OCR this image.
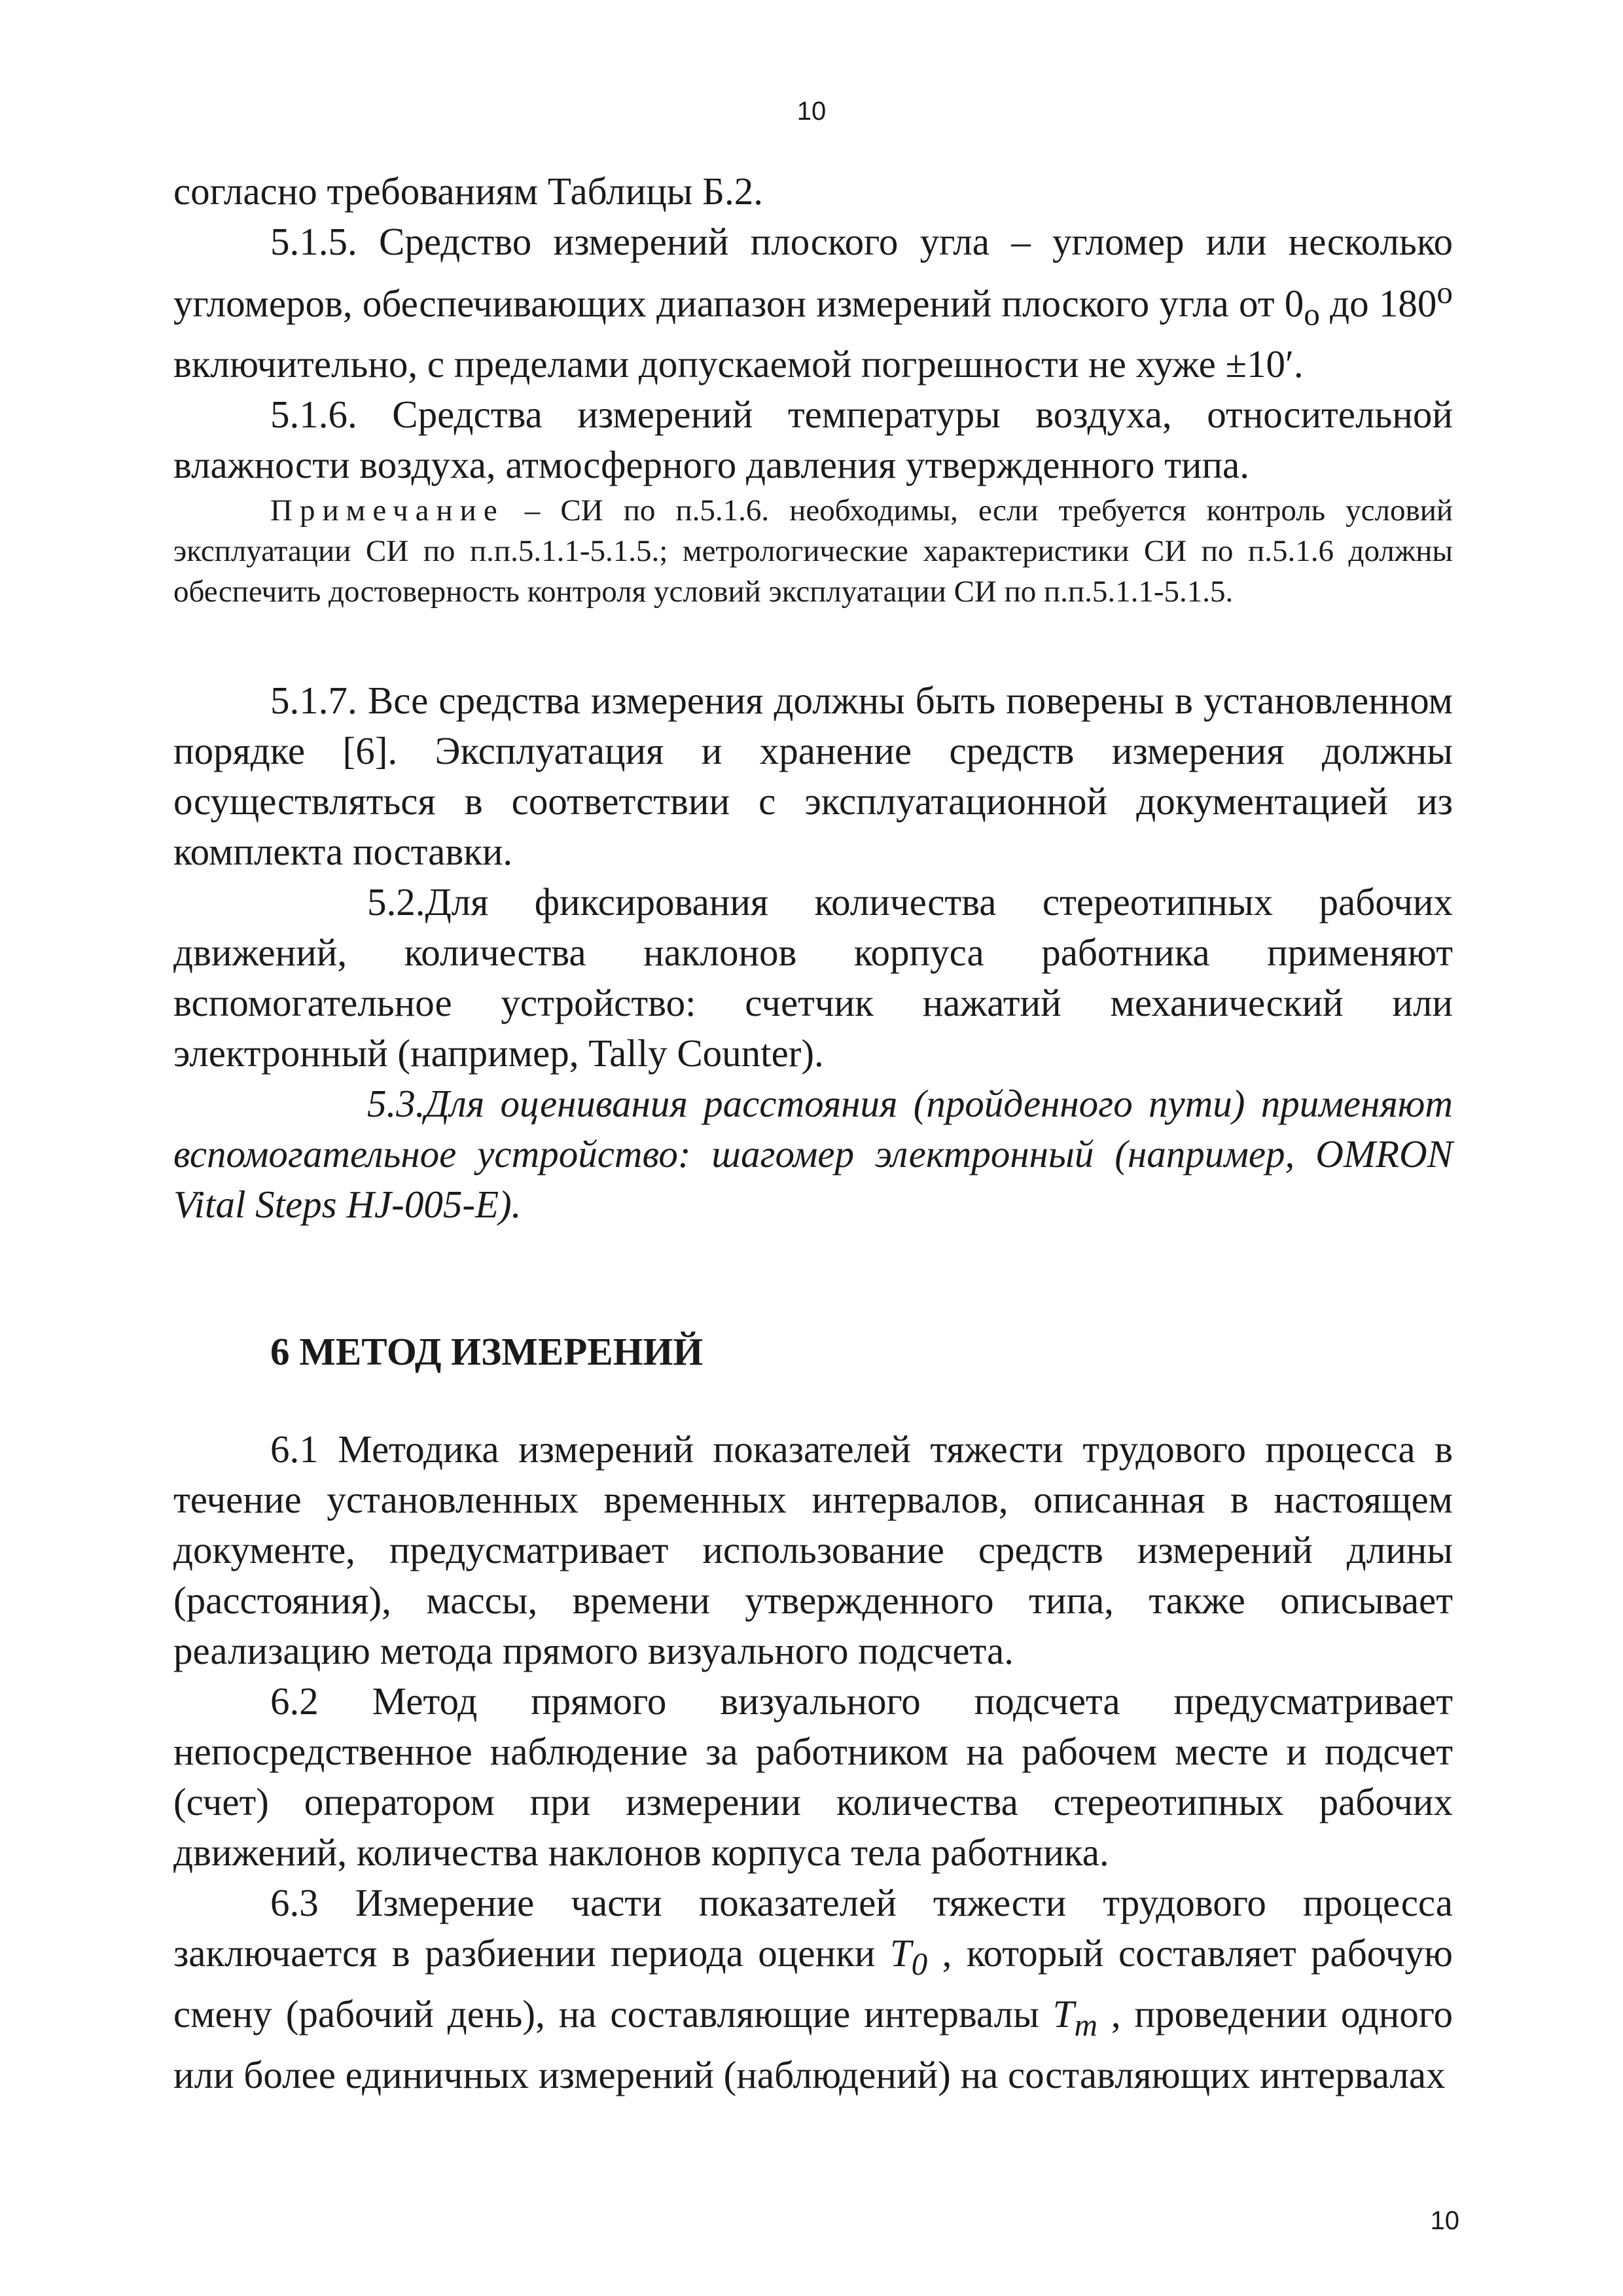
10

согласно требованиям Таблицы Б.2.

5.1.5. Средство измерений плоского угла – угломер или несколько угломеров, обеспечивающих диапазон измерений плоского угла от $0_о$ до $180^о$ включительно, с пределами допускаемой погрешности не хуже ±10′.

5.1.6. Средства измерений температуры воздуха, относительной влажности воздуха, атмосферного давления утвержденного типа.

Примечание – СИ по п.5.1.6. необходимы, если требуется контроль условий эксплуатации СИ по п.п.5.1.1-5.1.5.; метрологические характеристики СИ по п.5.1.6 должны обеспечить достоверность контроля условий эксплуатации СИ по п.п.5.1.1-5.1.5.

5.1.7. Все средства измерения должны быть поверены в установленном порядке [6]. Эксплуатация и хранение средств измерения должны осуществляться в соответствии с эксплуатационной документацией из комплекта поставки.

5.2.Для фиксирования количества стереотипных рабочих движений, количества наклонов корпуса работника применяют вспомогательное устройство: счетчик нажатий механический или электронный (например, Tally Counter).

5.3.Для оценивания расстояния (пройденного пути) применяют вспомогательное устройство: шагомер электронный (например, OMRON Vital Steps HJ-005-E).

6 МЕТОД ИЗМЕРЕНИЙ

6.1 Методика измерений показателей тяжести трудового процесса в течение установленных временных интервалов, описанная в настоящем документе, предусматривает использование средств измерений длины (расстояния), массы, времени утвержденного типа, также описывает реализацию метода прямого визуального подсчета.

6.2 Метод прямого визуального подсчета предусматривает непосредственное наблюдение за работником на рабочем месте и подсчет (счет) оператором при измерении количества стереотипных рабочих движений, количества наклонов корпуса тела работника.

6.3 Измерение части показателей тяжести трудового процесса заключается в разбиении периода оценки $T_0$ , который составляет рабочую смену (рабочий день), на составляющие интервалы $T_m$ , проведении одного или более единичных измерений (наблюдений) на составляющих интервалах

10
